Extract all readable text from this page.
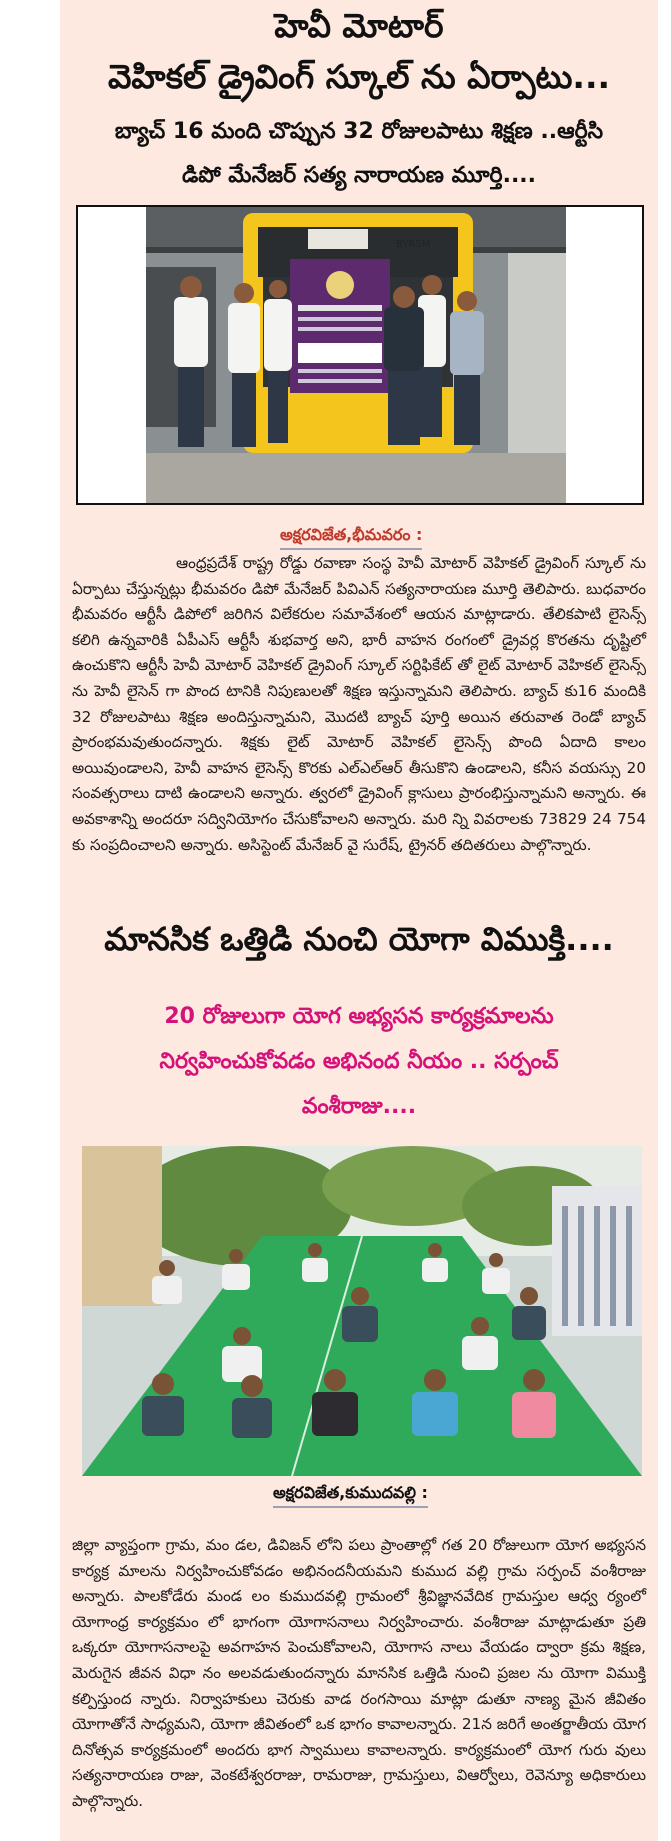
హెవీ మోటార్
వెహికల్ డ్రైవింగ్ స్కూల్ ను ఏర్పాటు...
బ్యాచ్ 16 మంది చొప్పున 32 రోజులపాటు శిక్షణ ..ఆర్టీసి
డిపో మేనేజర్ సత్య నారాయణ మూర్తి....
BYRSM
అక్షరవిజేత,భీమవరం :
ఆంధ్రప్రదేశ్ రాష్ట్ర రోడ్డు రవాణా సంస్థ హెవీ మోటార్ వెహికల్ డ్రైవింగ్ స్కూల్ ను ఏర్పాటు చేస్తున్నట్లు భీమవరం డిపో మేనేజర్ పివిఎన్ సత్యనారాయణ మూర్తి తెలిపారు. బుధవారం భీమవరం ఆర్టీసీ డిపోలో జరిగిన విలేకరుల సమావేశంలో ఆయన మాట్లాడారు. తేలికపాటి లైసెన్స్ కలిగి ఉన్నవారికి ఏపీఎస్ ఆర్టీసీ శుభవార్త అని, భారీ వాహన రంగంలో డ్రైవర్ల కొరతను దృష్టిలో ఉంచుకొని ఆర్టీసీ హెవీ మోటార్ వెహికల్ డ్రైవింగ్ స్కూల్ సర్టిఫికేట్ తో లైట్ మోటార్ వెహికల్ లైసెన్స్ ను హెవీ లైసెన్ గా పొంద టానికి నిపుణులతో శిక్షణ ఇస్తున్నామని తెలిపారు. బ్యాచ్ కు16 మందికి 32 రోజులపాటు శిక్షణ అందిస్తున్నామని, మొదటి బ్యాచ్ పూర్తి అయిన తరువాత రెండో బ్యాచ్ ప్రారంభమవుతుందన్నారు. శిక్షకు లైట్ మోటార్ వెహికల్ లైసెన్స్ పొంది ఏదాది కాలం అయివుండాలని, హెవీ వాహన లైసెన్స్ కొరకు ఎల్ఎల్ఆర్ తీసుకొని ఉండాలని, కనీస వయస్సు 20 సంవత్సరాలు దాటి ఉండాలని అన్నారు. త్వరలో డ్రైవింగ్ క్లాసులు ప్రారంభిస్తున్నామని అన్నారు. ఈ అవకాశాన్ని అందరూ సద్వినియోగం చేసుకోవాలని అన్నారు. మరి న్ని వివరాలకు 73829 24 754 కు సంప్రదించాలని అన్నారు. అసిస్టెంట్ మేనేజర్ వై సురేష్, ట్రైనర్ తదితరులు పాల్గొన్నారు.
మానసిక ఒత్తిడి నుంచి యోగా విముక్తి....
20 రోజులుగా యోగ అభ్యసన కార్యక్రమాలను
నిర్వహించుకోవడం అభినంద నీయం .. సర్పంచ్
వంశీరాజు....
అక్షరవిజేత,కుముదవల్లి :
జిల్లా వ్యాప్తంగా గ్రామ, మం డల, డివిజన్ లోని పలు ప్రాంతాల్లో గత 20 రోజులుగా యోగ అభ్యసన కార్యక్ర మాలను నిర్వహించుకోవడం అభినందనీయమని కుముద వల్లి గ్రామ సర్పంచ్ వంశీరాజు అన్నారు. పాలకోడేరు మండ లం కుముదవల్లి గ్రామంలో శ్రీవిజ్ఞానవేదిక గ్రామస్తుల ఆధ్వ ర్యంలో యోగాంధ్ర కార్యక్రమం లో భాగంగా యోగాసనాలు నిర్వహించారు. వంశీరాజు మాట్లాడుతూ ప్రతి ఒక్కరూ యోగాసనాలపై అవగాహన పెంచుకోవాలని, యోగాస నాలు వేయడం ద్వారా క్రమ శిక్షణ, మెరుగైన జీవన విధా నం అలవడుతుందన్నారు మానసిక ఒత్తిడి నుంచి ప్రజల ను యోగా విముక్తి కల్పిస్తుంద న్నారు. నిర్వాహకులు చెరుకు వాడ రంగసాయి మాట్లా డుతూ నాణ్య మైన జీవితం యోగాతోనే సాధ్యమని, యోగా జీవితంలో ఒక భాగం కావాలన్నారు. 21న జరిగే అంతర్జాతీయ యోగ దినోత్సవ కార్యక్రమంలో అందరు భాగ స్వాములు కావాలన్నారు. కార్యక్రమంలో యోగ గురు వులు సత్యనారాయణ రాజు, వెంకటేశ్వరరాజు, రామరాజు, గ్రామస్తులు, విఆర్వోలు, రెవెన్యూ అధికారులు పాల్గొన్నారు.
